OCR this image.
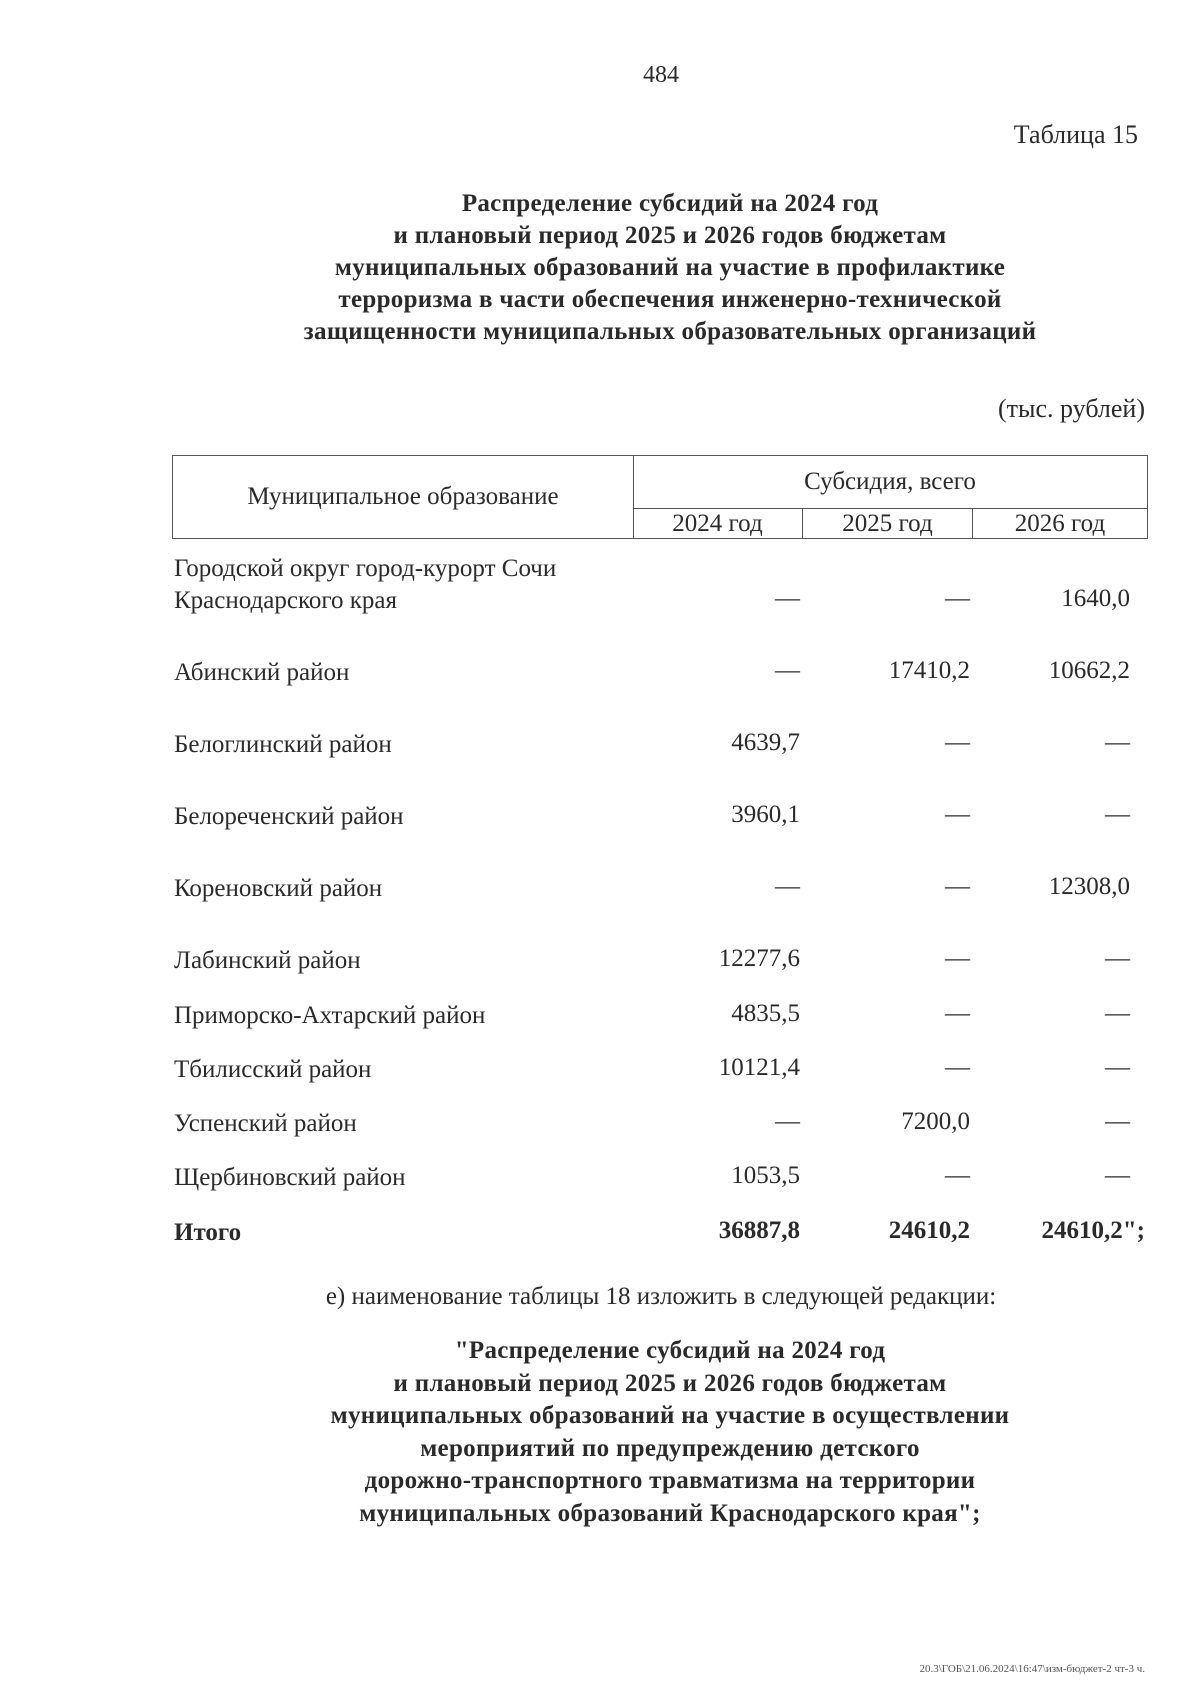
484
Таблица 15
Распределение субсидий на 2024 год
и плановый период 2025 и 2026 годов бюджетам
муниципальных образований на участие в профилактике
терроризма в части обеспечения инженерно-технической
защищенности муниципальных образовательных организаций
(тыс. рублей)
Муниципальное образование
Субсидия, всего
2024 год	2025 год	2026 год
Городской округ город-курорт Сочи
Краснодарского края	—	—	1640,0
Абинский район	—	17410,2	10662,2
Белоглинский район	4639,7	—	—
Белореченский район	3960,1	—	—
Кореновский район	—	—	12308,0
Лабинский район	12277,6	—	—
Приморско-Ахтарский район	4835,5	—	—
Тбилисский район	10121,4	—	—
Успенский район	—	7200,0	—
Щербиновский район	1053,5	—	—
Итого	36887,8	24610,2	24610,2";
е) наименование таблицы 18 изложить в следующей редакции:
"Распределение субсидий на 2024 год
и плановый период 2025 и 2026 годов бюджетам
муниципальных образований на участие в осуществлении
мероприятий по предупреждению детского
дорожно-транспортного травматизма на территории
муниципальных образований Краснодарского края";
20.3\ГОБ\21.06.2024\16:47\изм-бюджет-2 чт-3 ч.
